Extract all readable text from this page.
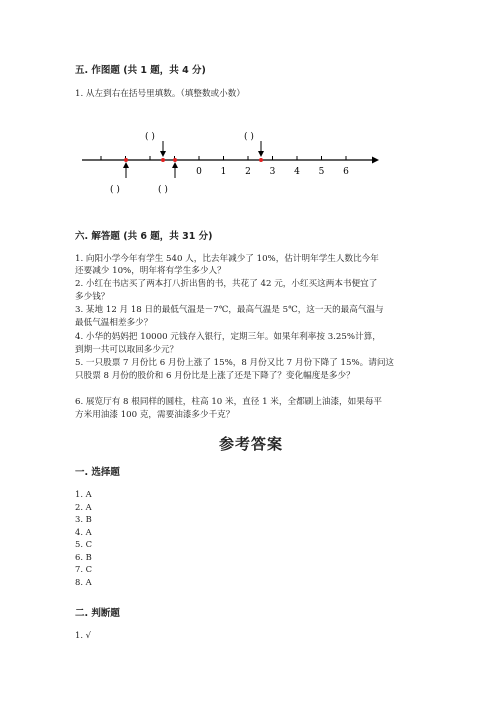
五. 作图题 (共 1 题，共 4 分)
1. 从左到右在括号里填数。（填整数或小数）
( )	( )
( )	( )
0 1 2 3 4 5 6
六. 解答题 (共 6 题，共 31 分)
1. 向阳小学今年有学生 540 人，比去年减少了 10%，估计明年学生人数比今年
还要减少 10%，明年将有学生多少人？
2. 小红在书店买了两本打八折出售的书，共花了 42 元，小红买这两本书便宜了
多少钱？
3. 某地 12 月 18 日的最低气温是－7℃，最高气温是 5℃，这一天的最高气温与
最低气温相差多少？
4. 小华的妈妈把 10000 元钱存入银行，定期三年。如果年利率按 3.25%计算，
到期一共可以取回多少元？
5. 一只股票 7 月份比 6 月份上涨了 15%，8 月份又比 7 月份下降了 15%。请问这
只股票 8 月份的股价和 6 月份比是上涨了还是下降了？变化幅度是多少？
6. 展览厅有 8 根同样的圆柱，柱高 10 米，直径 1 米，全都刷上油漆，如果每平
方米用油漆 100 克，需要油漆多少千克？
参考答案
一. 选择题
1. A
2. A
3. B
4. A
5. C
6. B
7. C
8. A
二. 判断题
1. √
